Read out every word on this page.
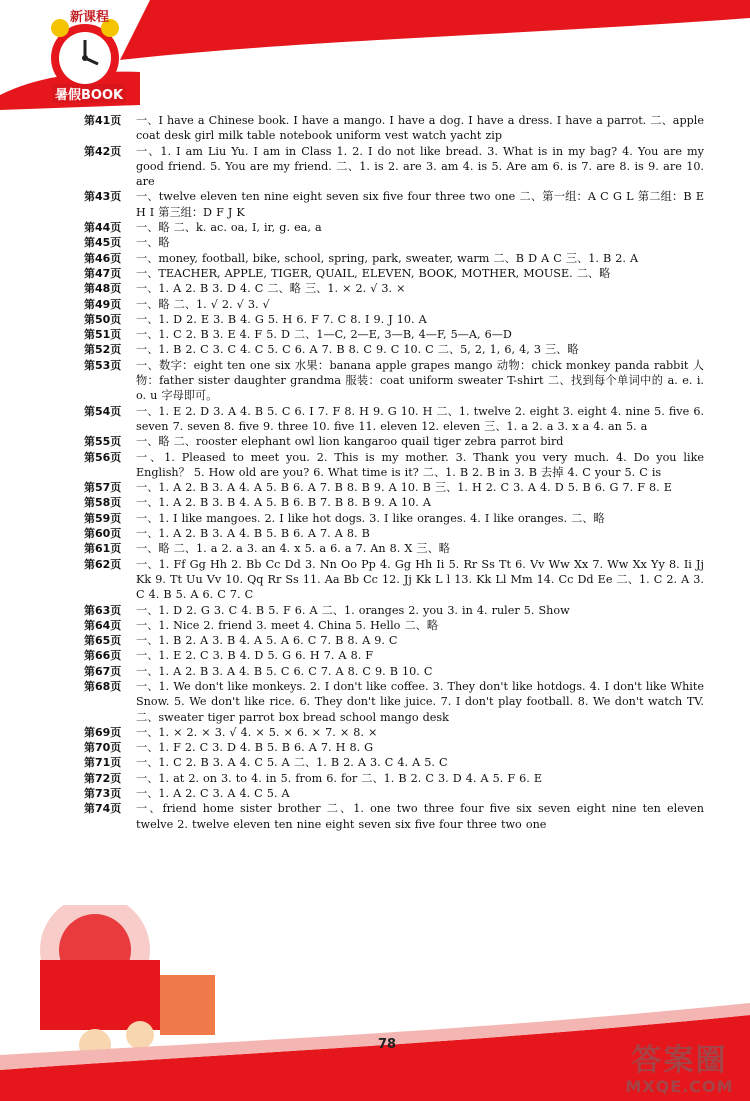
新课程
暑假BOOK
第41页	一、I have a Chinese book. I have a mango. I have a dog. I have a dress. I have a parrot. 二、apple coat desk girl milk table notebook uniform vest watch yacht zip
第42页	一、1. I am Liu Yu. I am in Class 1. 2. I do not like bread. 3. What is in my bag? 4. You are my good friend. 5. You are my friend. 二、1. is 2. are 3. am 4. is 5. Are am 6. is 7. are 8. is 9. are 10. are
第43页	一、twelve eleven ten nine eight seven six five four three two one 二、第一组：A C G L 第二组：B E H I 第三组：D F J K
第44页	一、略 二、k. ac. oa, I, ir, g. ea, a
第45页	一、略
第46页	一、money, football, bike, school, spring, park, sweater, warm 二、B D A C 三、1. B 2. A
第47页	一、TEACHER, APPLE, TIGER, QUAIL, ELEVEN, BOOK, MOTHER, MOUSE. 二、略
第48页	一、1. A 2. B 3. D 4. C 二、略 三、1. × 2. √ 3. ×
第49页	一、略 二、1. √ 2. √ 3. √
第50页	一、1. D 2. E 3. B 4. G 5. H 6. F 7. C 8. I 9. J 10. A
第51页	一、1. C 2. B 3. E 4. F 5. D 二、1—C, 2—E, 3—B, 4—F, 5—A, 6—D
第52页	一、1. B 2. C 3. C 4. C 5. C 6. A 7. B 8. C 9. C 10. C 二、5, 2, 1, 6, 4, 3 三、略
第53页	一、数字：eight ten one six 水果：banana apple grapes mango 动物：chick monkey panda rabbit 人物：father sister daughter grandma 服装：coat uniform sweater T-shirt 二、找到每个单词中的 a. e. i. o. u 字母即可。
第54页	一、1. E 2. D 3. A 4. B 5. C 6. I 7. F 8. H 9. G 10. H 二、1. twelve 2. eight 3. eight 4. nine 5. five 6. seven 7. seven 8. five 9. three 10. five 11. eleven 12. eleven 三、1. a 2. a 3. x a 4. an 5. a
第55页	一、略 二、rooster elephant owl lion kangaroo quail tiger zebra parrot bird
第56页	一、1. Pleased to meet you. 2. This is my mother. 3. Thank you very much. 4. Do you like English？ 5. How old are you? 6. What time is it? 二、1. B 2. B in 3. B 去掉 4. C your 5. C is
第57页	一、1. A 2. B 3. A 4. A 5. B 6. A 7. B 8. B 9. A 10. B 三、1. H 2. C 3. A 4. D 5. B 6. G 7. F 8. E
第58页	一、1. A 2. B 3. B 4. A 5. B 6. B 7. B 8. B 9. A 10. A
第59页	一、1. I like mangoes. 2. I like hot dogs. 3. I like oranges. 4. I like oranges. 二、略
第60页	一、1. A 2. B 3. A 4. B 5. B 6. A 7. A 8. B
第61页	一、略 二、1. a 2. a 3. an 4. x 5. a 6. a 7. An 8. X 三、略
第62页	一、1. Ff Gg Hh 2. Bb Cc Dd 3. Nn Oo Pp 4. Gg Hh Ii 5. Rr Ss Tt 6. Vv Ww Xx 7. Ww Xx Yy 8. Ii Jj Kk 9. Tt Uu Vv 10. Qq Rr Ss 11. Aa Bb Cc 12. Jj Kk L l 13. Kk Ll Mm 14. Cc Dd Ee 二、1. C 2. A 3. C 4. B 5. A 6. C 7. C
第63页	一、1. D 2. G 3. C 4. B 5. F 6. A 二、1. oranges 2. you 3. in 4. ruler 5. Show
第64页	一、1. Nice 2. friend 3. meet 4. China 5. Hello 二、略
第65页	一、1. B 2. A 3. B 4. A 5. A 6. C 7. B 8. A 9. C
第66页	一、1. E 2. C 3. B 4. D 5. G 6. H 7. A 8. F
第67页	一、1. A 2. B 3. A 4. B 5. C 6. C 7. A 8. C 9. B 10. C
第68页	一、1. We don't like monkeys. 2. I don't like coffee. 3. They don't like hotdogs. 4. I don't like White Snow. 5. We don't like rice. 6. They don't like juice. 7. I don't play football. 8. We don't watch TV. 二、sweater tiger parrot box bread school mango desk
第69页	一、1. × 2. × 3. √ 4. × 5. × 6. × 7. × 8. ×
第70页	一、1. F 2. C 3. D 4. B 5. B 6. A 7. H 8. G
第71页	一、1. C 2. B 3. A 4. C 5. A 二、1. B 2. A 3. C 4. A 5. C
第72页	一、1. at 2. on 3. to 4. in 5. from 6. for 二、1. B 2. C 3. D 4. A 5. F 6. E
第73页	一、1. A 2. C 3. A 4. C 5. A
第74页	一、friend home sister brother 二、1. one two three four five six seven eight nine ten eleven twelve 2. twelve eleven ten nine eight seven six five four three two one
78	答案圈
MXQE.COM
